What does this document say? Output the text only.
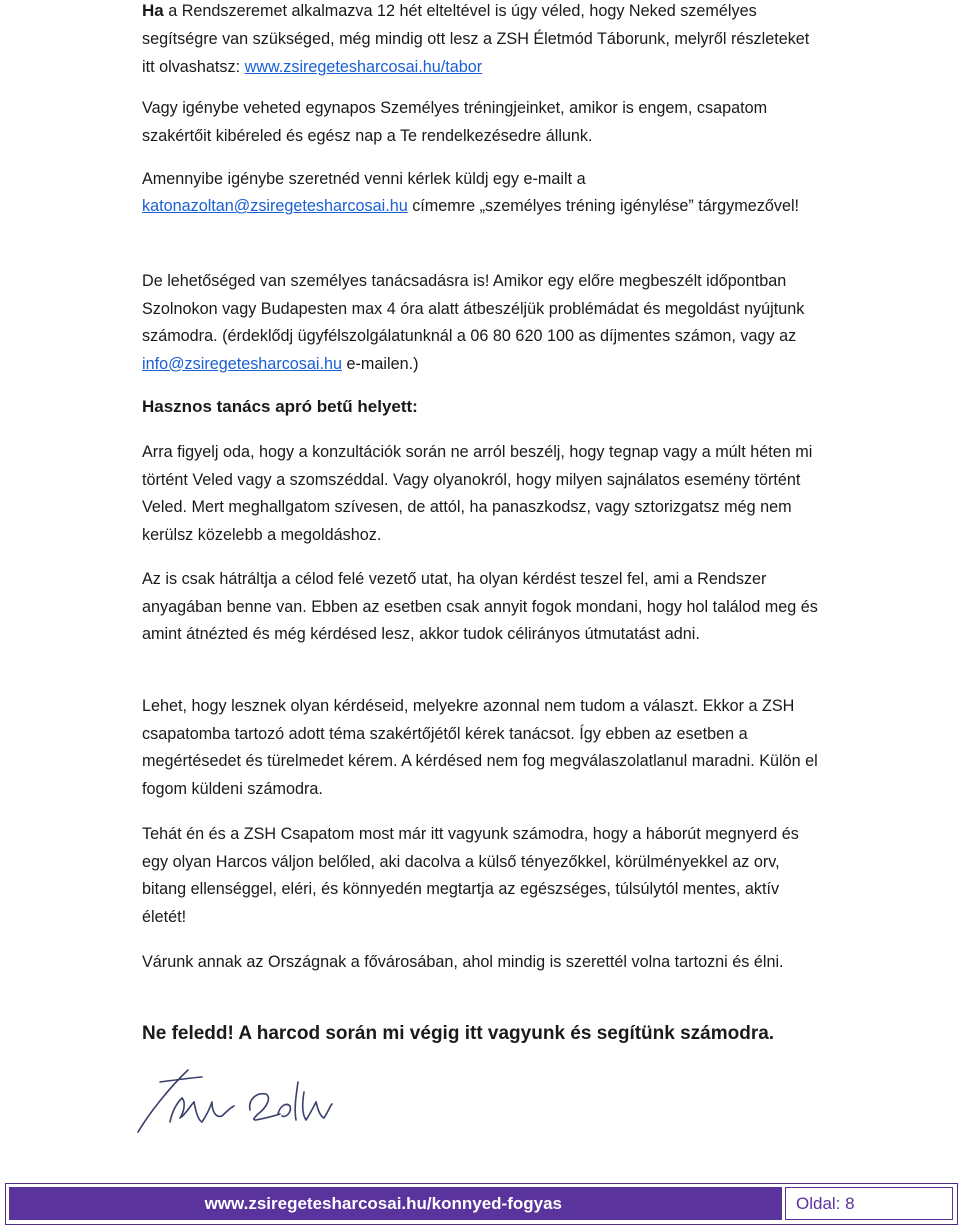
Ha a Rendszeremet alkalmazva 12 hét elteltével is úgy véled, hogy Neked személyes segítségre van szükséged, még mindig ott lesz a ZSH Életmód Táborunk, melyről részleteket itt olvashatsz: www.zsiregetesharcosai.hu/tabor

Vagy igénybe veheted egynapos Személyes tréningjeinket, amikor is engem, csapatom szakértőit kibéreled és egész nap a Te rendelkezésedre állunk.

Amennyibe igénybe szeretnéd venni kérlek küldj egy e-mailt a katonazoltan@zsiregetesharcosai.hu címemre „személyes tréning igénylése” tárgymezővel!

De lehetőséged van személyes tanácsadásra is! Amikor egy előre megbeszélt időpontban Szolnokon vagy Budapesten max 4 óra alatt átbeszéljük problémádat és megoldást nyújtunk számodra. (érdeklődj ügyfélszolgálatunknál a 06 80 620 100 as díjmentes számon, vagy az info@zsiregetesharcosai.hu e-mailen.)

Hasznos tanács apró betű helyett:

Arra figyelj oda, hogy a konzultációk során ne arról beszélj, hogy tegnap vagy a múlt héten mi történt Veled vagy a szomszéddal. Vagy olyanokról, hogy milyen sajnálatos esemény történt Veled. Mert meghallgatom szívesen, de attól, ha panaszkodsz, vagy sztorizgatsz még nem kerülsz közelebb a megoldáshoz.

Az is csak hátráltja a célod felé vezető utat, ha olyan kérdést teszel fel, ami a Rendszer anyagában benne van. Ebben az esetben csak annyit fogok mondani, hogy hol találod meg és amint átnézted és még kérdésed lesz, akkor tudok célirányos útmutatást adni.

Lehet, hogy lesznek olyan kérdéseid, melyekre azonnal nem tudom a választ. Ekkor a ZSH csapatomba tartozó adott téma szakértőjétől kérek tanácsot. Így ebben az esetben a megértésedet és türelmedet kérem. A kérdésed nem fog megválaszolatlanul maradni. Külön el fogom küldeni számodra.

Tehát én és a ZSH Csapatom most már itt vagyunk számodra, hogy a háborút megnyerd és egy olyan Harcos váljon belőled, aki dacolva a külső tényezőkkel, körülményekkel az orv, bitang ellenséggel, eléri, és könnyedén megtartja az egészséges, túlsúlytól mentes, aktív életét!

Várunk annak az Országnak a fővárosában, ahol mindig is szerettél volna tartozni és élni.

Ne feledd! A harcod során mi végig itt vagyunk és segítünk számodra.

www.zsiregetesharcosai.hu/konnyed-fogyas	Oldal: 8
